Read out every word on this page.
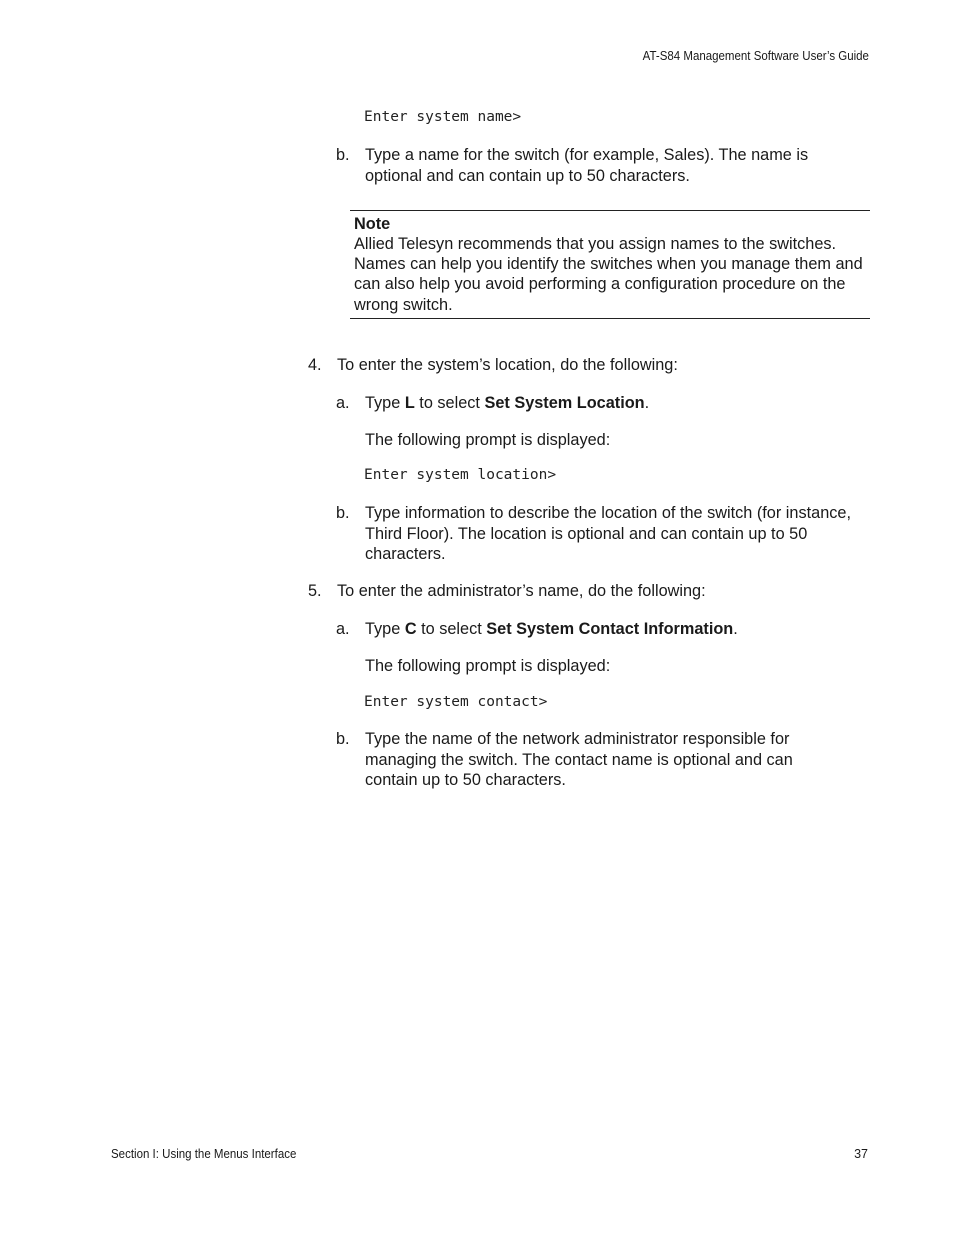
AT-S84 Management Software User’s Guide
Enter system name>
b. Type a name for the switch (for example, Sales). The name is optional and can contain up to 50 characters.
Note
Allied Telesyn recommends that you assign names to the switches. Names can help you identify the switches when you manage them and can also help you avoid performing a configuration procedure on the wrong switch.
4. To enter the system’s location, do the following:
a. Type L to select Set System Location.
The following prompt is displayed:
Enter system location>
b. Type information to describe the location of the switch (for instance, Third Floor). The location is optional and can contain up to 50 characters.
5. To enter the administrator’s name, do the following:
a. Type C to select Set System Contact Information.
The following prompt is displayed:
Enter system contact>
b. Type the name of the network administrator responsible for managing the switch. The contact name is optional and can contain up to 50 characters.
Section I: Using the Menus Interface	37
